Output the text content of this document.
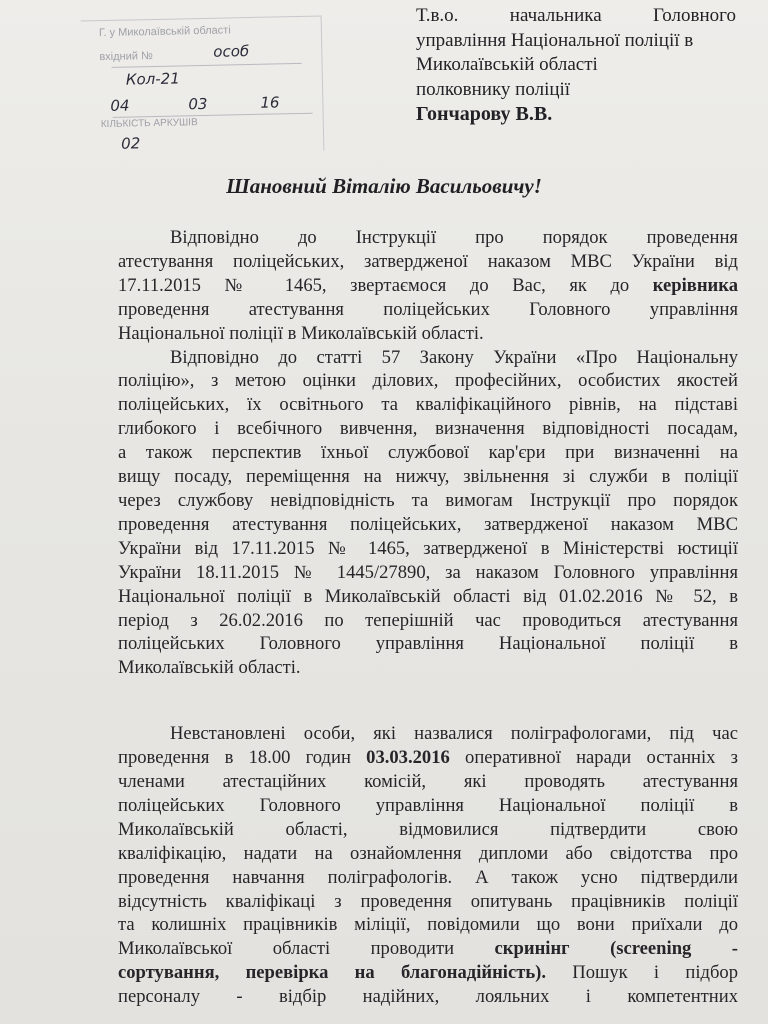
Г. у Миколаївській області
вхідний №	особ
Кол-21
04	03	16
КІЛЬКІСТЬ АРКУШІВ
02
Т.в.о. начальника Головного
управління Національної поліції в
Миколаївській області
полковнику поліції
Гончарову В.В.
Шановний Віталію Васильовичу!

Відповідно до Інструкції про порядок проведення
атестування поліцейських, затвердженої наказом МВС України від
17.11.2015 № 1465, звертаємося до Вас, як до керівника
проведення атестування поліцейських Головного управління
Національної поліції в Миколаївській області.

Відповідно до статті 57 Закону України «Про Національну
поліцію», з метою оцінки ділових, професійних, особистих якостей
поліцейських, їх освітнього та кваліфікаційного рівнів, на підставі
глибокого і всебічного вивчення, визначення відповідності посадам,
а також перспектив їхньої службової кар'єри при визначенні на
вищу посаду, переміщення на нижчу, звільнення зі служби в поліції
через службову невідповідність та вимогам Інструкції про порядок
проведення атестування поліцейських, затвердженої наказом МВС
України від 17.11.2015 № 1465, затвердженої в Міністерстві юстиції
України 18.11.2015 № 1445/27890, за наказом Головного управління
Національної поліції в Миколаївській області від 01.02.2016 № 52, в
період з 26.02.2016 по теперішній час проводиться атестування
поліцейських Головного управління Національної поліції в
Миколаївській області.

Невстановлені особи, які назвалися поліграфологами, під час
проведення в 18.00 годин 03.03.2016 оперативної наради останніх з
членами атестаційних комісій, які проводять атестування
поліцейських Головного управління Національної поліції в
Миколаївській області, відмовилися підтвердити свою
кваліфікацію, надати на ознайомлення дипломи або свідотства про
проведення навчання поліграфологів. А також усно підтвердили
відсутність кваліфікаці з проведення опитувань працівників поліції
та колишніх працівників міліції, повідомили що вони приїхали до
Миколаївської області проводити скринінг (screening -
сортування, перевірка на благонадійність). Пошук і підбор
персоналу - відбір надійних, лояльних і компетентних
